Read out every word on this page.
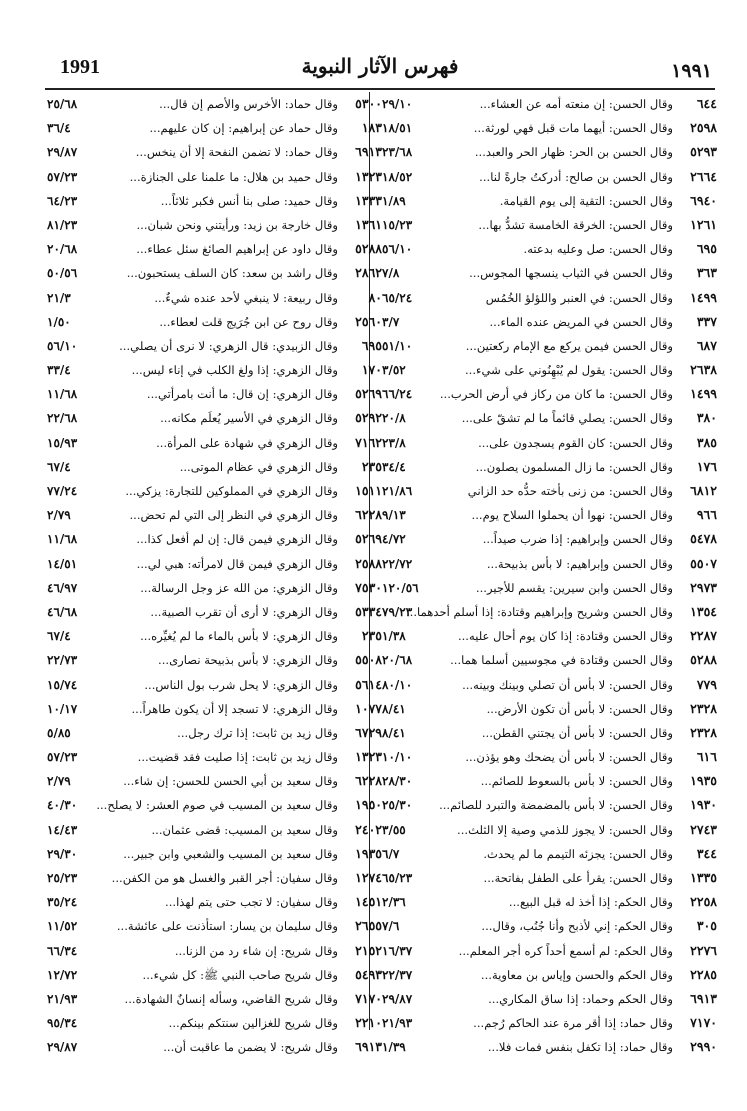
1991	فهرس الآثار النبوية	١٩٩١
٦٤٤
وقال الحسن: إن منعته أمه عن العشاء...
٢٩/١٠
٢٥٩٨
وقال الحسن: أيهما مات قبل فهي لورثة...
١٨/٥١
٥٢٩٣
وقال الحسن بن الحر: ظهار الحر والعبد...
٢٣/٦٨
٢٦٦٤
وقال الحسن بن صالح: أدركتُ جارةً لنا...
١٨/٥٢
٦٩٤٠
وقال الحسن: التقية إلى يوم القيامة.
١/٨٩
١٢٦١
وقال الحسن: الخرقة الخامسة تشدُّ بها...
١٥/٢٣
٦٩٥
وقال الحسن: صل وعليه بدعته.
٥٦/١٠
٣٦٣
وقال الحسن في الثياب ينسجها المجوس...
٧/٨
١٤٩٩
وقال الحسن: في العنبر واللؤلؤ الخُمُس
٦٥/٢٤
٣٣٧
وقال الحسن في المريض عنده الماء...
٣/٧
٦٨٧
وقال الحسن فيمن يركع مع الإمام ركعتين...
٥١/١٠
٢٦٣٨
وقال الحسن: يقول لم يُبْهِنُوني على شيء...
٣/٥٢
١٤٩٩
وقال الحسن: ما كان من ركاز في أرض الحرب...
٦٦/٢٤
٣٨٠
وقال الحسن: يصلي قائماً ما لم تشقّ على...
٢٠/٨
٣٨٥
وقال الحسن: كان القوم يسجدون على...
٢٣/٨
١٧٦
وقال الحسن: ما زال المسلمون يصلون...
٣٤/٤
٦٨١٢
وقال الحسن: من زنى بأخته حدُّه حد الزاني
٢١/٨٦
٩٦٦
وقال الحسن: نهوا أن يحملوا السلاح يوم...
٩/١٣
٥٤٧٨
وقال الحسن وإبراهيم: إذا ضرب صيداً...
٤/٧٢
٥٥٠٧
وقال الحسن وإبراهيم: لا بأس بذبيحة...
٢٢/٧٢
٢٩٧٣
وقال الحسن وابن سيرين: يقسم للأجير...
١٢٠/٥٦
١٣٥٤
وقال الحسن وشريح وإبراهيم وقتادة: إذا أسلم أحدهما...
٧٩/٢٣
٢٢٨٧
وقال الحسن وقتادة: إذا كان يوم أحال عليه...
١/٣٨
٥٢٨٨
وقال الحسن وقتادة في مجوسيين أسلما هما...
٢٠/٦٨
٧٧٩
وقال الحسن: لا بأس أن تصلي وبينك وبينه...
٨٠/١٠
٢٣٢٨
وقال الحسن: لا بأس أن تكون الأرض...
٨/٤١
٢٣٢٨
وقال الحسن: لا بأس أن يجتني القطن...
٨/٤١
٦١٦
وقال الحسن: لا بأس أن يضحك وهو يؤذن...
١٠/١٠
١٩٣٥
وقال الحسن: لا بأس بالسعوط للصائم...
٢٨/٣٠
١٩٣٠
وقال الحسن: لا بأس بالمضمضة والتبرد للصائم...
٢٥/٣٠
٢٧٤٣
وقال الحسن: لا يجوز للذمي وصية إلا الثلث...
٣/٥٥
٣٤٤
وقال الحسن: يجزئه التيمم ما لم يحدث.
٦/٧
١٣٣٥
وقال الحسن: يقرأ على الطفل بفاتحة...
٦٥/٢٣
٢٢٥٨
وقال الحكم: إذا أخذ له قبل البيع...
٢/٣٦
٣٠٥
وقال الحكم: إني لأذبح وأنا جُنُب، وقال...
٧/٦
٢٢٧٦
وقال الحكم: لم أسمع أحداً كره أجر المعلم...
١٦/٣٧
٢٢٨٥
وقال الحكم والحسن وإياس بن معاوية...
٢٢/٣٧
٦٩١٣
وقال الحكم وحماد: إذا ساق المكاري...
٢٩/٨٧
٧١٧٠
وقال حماد: إذا أقر مرة عند الحاكم رُجم...
٢١/٩٣
٢٩٩٠
وقال حماد: إذا تكفل بنفس فمات فلا...
١/٣٩
٥٣٠٠
وقال حماد: الأخرس والأصم إن قال...
٢٥/٦٨
١٨٣
وقال حماد عن إبراهيم: إن كان عليهم...
٣٦/٤
٦٩١٣
وقال حماد: لا تضمن النفحة إلا أن ينخس...
٢٩/٨٧
١٣٢٣
وقال حميد بن هلال: ما علمنا على الجنازة...
٥٧/٢٣
١٣٣٣
وقال حميد: صلى بنا أنس فكبر ثلاثاً...
٦٤/٢٣
١٣٦١
وقال خارجة بن زيد: ورأيتني ونحن شبان...
٨١/٢٣
٥٢٨٨
وقال داود عن إبراهيم الصائغ سئل عطاء...
٢٠/٦٨
٢٨٦٢
وقال راشد بن سعد: كان السلف يستحبون...
٥٠/٥٦
٨٠
وقال ربيعة: لا ينبغي لأحد عنده شيءٌ...
٢١/٣
٢٥٦٠
وقال روح عن ابن جُرَيج قلت لعطاء...
١/٥٠
٦٩٥
وقال الزبيدي: قال الزهري: لا نرى أن يصلي...
٥٦/١٠
١٧٠
وقال الزهري: إذا ولغ الكلب في إناء ليس...
٣٣/٤
٥٢٦٩
وقال الزهري: إن قال: ما أنت بامرأتي...
١١/٦٨
٥٢٩٢
وقال الزهري في الأسير يُعلَم مكانه...
٢٢/٦٨
٧١٦٢
وقال الزهري في شهادة على المرأة...
١٥/٩٣
٢٣٥
وقال الزهري في عظام الموتى...
٦٧/٤
١٥١١
وقال الزهري في المملوكين للتجارة: يزكي...
٧٧/٢٤
٦٢٢٨
وقال الزهري في النظر إلى التي لم تحض...
٢/٧٩
٥٢٦٩
وقال الزهري فيمن قال: إن لم أفعل كذا...
١١/٦٨
٢٥٨٨
وقال الزهري فيمن قال لامرأته: هبي لي...
١٤/٥١
٧٥٣٠
وقال الزهري: من الله عز وجل الرسالة...
٤٦/٩٧
٥٣٣٤
وقال الزهري: لا أرى أن تقرب الصبية...
٤٦/٦٨
٢٣٥
وقال الزهري: لا بأس بالماء ما لم يُغيِّره...
٦٧/٤
٥٥٠٨
وقال الزهري: لا بأس بذبيحة نصارى...
٢٢/٧٣
٥٦١٤
وقال الزهري: لا يحل شرب بول الناس...
١٥/٧٤
١٠٧٧
وقال الزهري: لا تسجد إلا أن يكون طاهراً...
١٠/١٧
٦٧٢٩
وقال زيد بن ثابت: إذا ترك رجل...
٥/٨٥
١٣٢٣
وقال زيد بن ثابت: إذا صليت فقد قضيت...
٥٧/٢٣
٦٢٢٨
وقال سعيد بن أبي الحسن للحسن: إن شاء...
٢/٧٩
١٩٥٠
وقال سعيد بن المسيب في صوم العشر: لا يصلح...
٤٠/٣٠
٢٤٠٢
وقال سعيد بن المسيب: قضى عثمان...
١٤/٤٣
١٩٣٥
وقال سعيد بن المسيب والشعبي وابن جبير...
٢٩/٣٠
١٢٧٤
وقال سفيان: أجر القبر والغسل هو من الكفن...
٢٥/٢٣
١٤٥١
وقال سفيان: لا تجب حتى يتم لهذا...
٣٥/٢٤
٢٦٥٥
وقال سليمان بن يسار: استأذنت على عائشة...
١١/٥٢
٢١٥٢
وقال شريح: إن شاء رد من الزنا...
٦٦/٣٤
٥٤٩٣
وقال شريح صاحب النبي ﷺ: كل شيء...
١٢/٧٢
٧١٧٠
وقال شريح القاضي، وسأله إنسانٌ الشهادة...
٢١/٩٣
٢٢١٠
وقال شريح للغزالين سنتكم بينكم...
٩٥/٣٤
٦٩١٣
وقال شريح: لا يضمن ما عاقبت أن...
٢٩/٨٧
